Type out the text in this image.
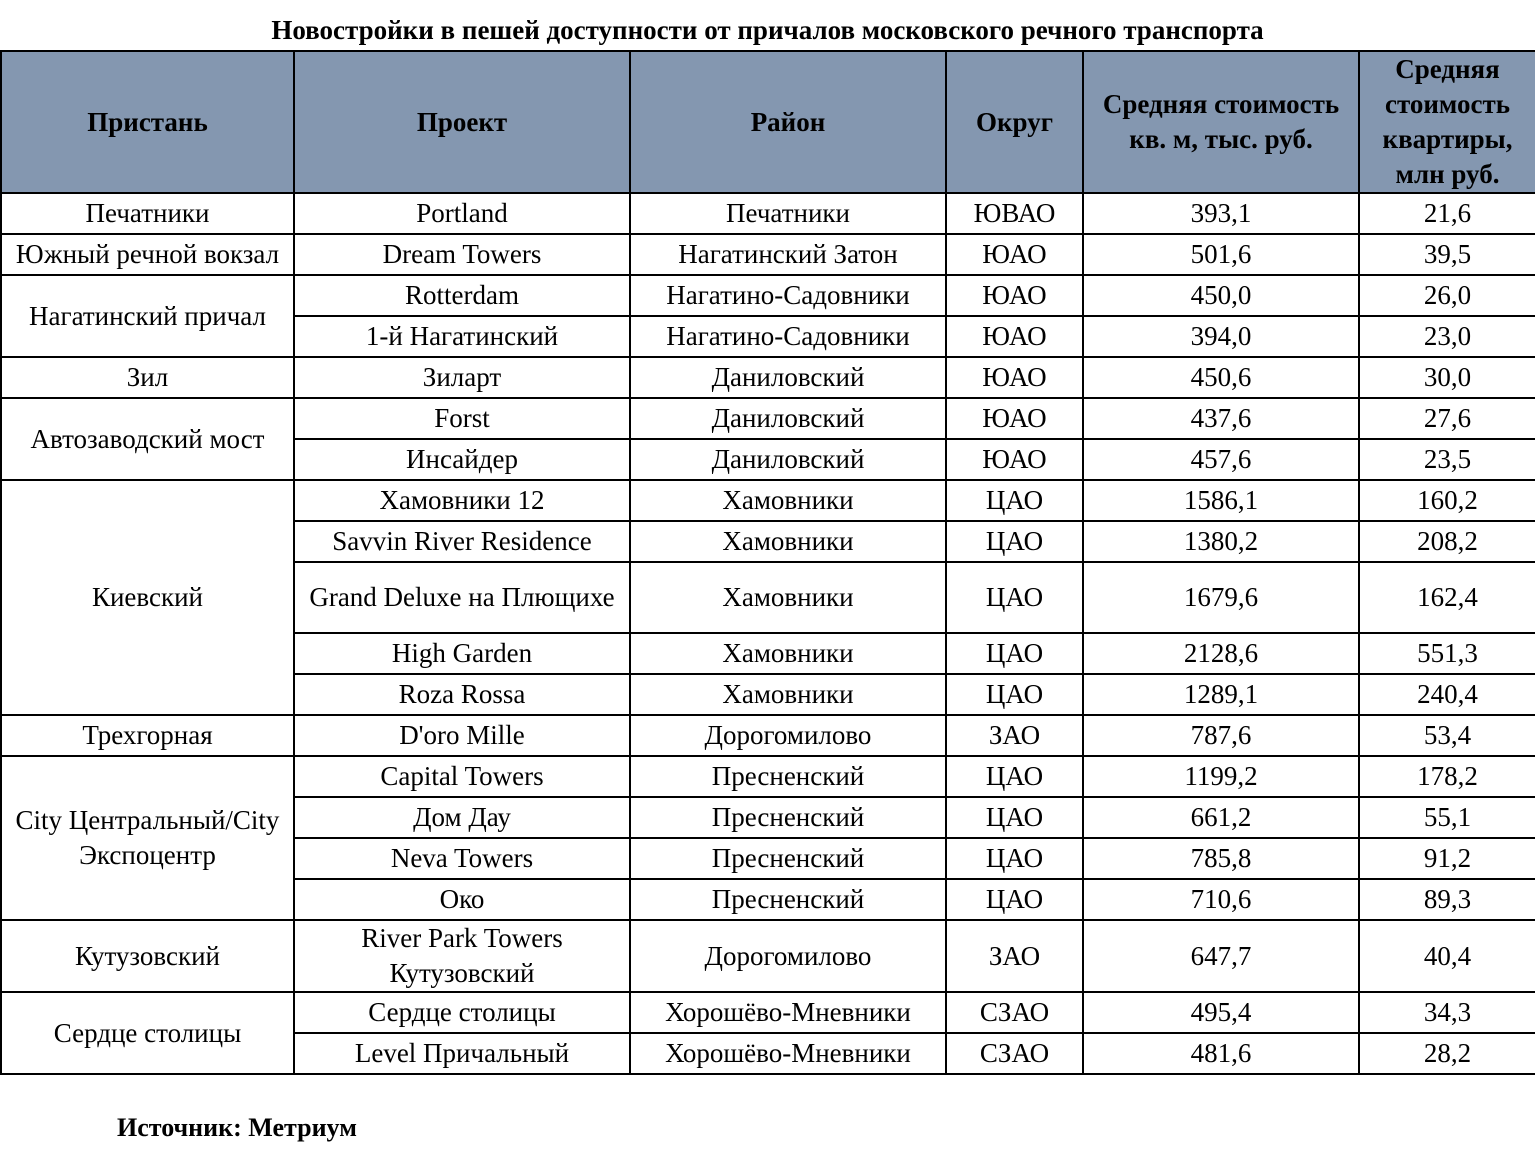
Новостройки в пешей доступности от причалов московского речного транспорта
Пристань	Проект	Район	Округ	Средняя стоимость кв. м, тыс. руб.	Средняя стоимость квартиры, млн руб.
Печатники	Portland	Печатники	ЮВАО	393,1	21,6
Южный речной вокзал	Dream Towers	Нагатинский Затон	ЮАО	501,6	39,5
Нагатинский причал	Rotterdam	Нагатино-Садовники	ЮАО	450,0	26,0
	1-й Нагатинский	Нагатино-Садовники	ЮАО	394,0	23,0
Зил	Зиларт	Даниловский	ЮАО	450,6	30,0
Автозаводский мост	Forst	Даниловский	ЮАО	437,6	27,6
	Инсайдер	Даниловский	ЮАО	457,6	23,5
Киевский	Хамовники 12	Хамовники	ЦАО	1586,1	160,2
	Savvin River Residence	Хамовники	ЦАО	1380,2	208,2
	Grand Deluxe на Плющихе	Хамовники	ЦАО	1679,6	162,4
	High Garden	Хамовники	ЦАО	2128,6	551,3
	Roza Rossa	Хамовники	ЦАО	1289,1	240,4
Трехгорная	D'oro Mille	Дорогомилово	ЗАО	787,6	53,4
City Центральный/City Экспоцентр	Capital Towers	Пресненский	ЦАО	1199,2	178,2
	Дом Дау	Пресненский	ЦАО	661,2	55,1
	Neva Towers	Пресненский	ЦАО	785,8	91,2
	Око	Пресненский	ЦАО	710,6	89,3
Кутузовский	River Park Towers Кутузовский	Дорогомилово	ЗАО	647,7	40,4
Сердце столицы	Сердце столицы	Хорошёво-Мневники	СЗАО	495,4	34,3
	Level Причальный	Хорошёво-Мневники	СЗАО	481,6	28,2
Источник: Метриум
